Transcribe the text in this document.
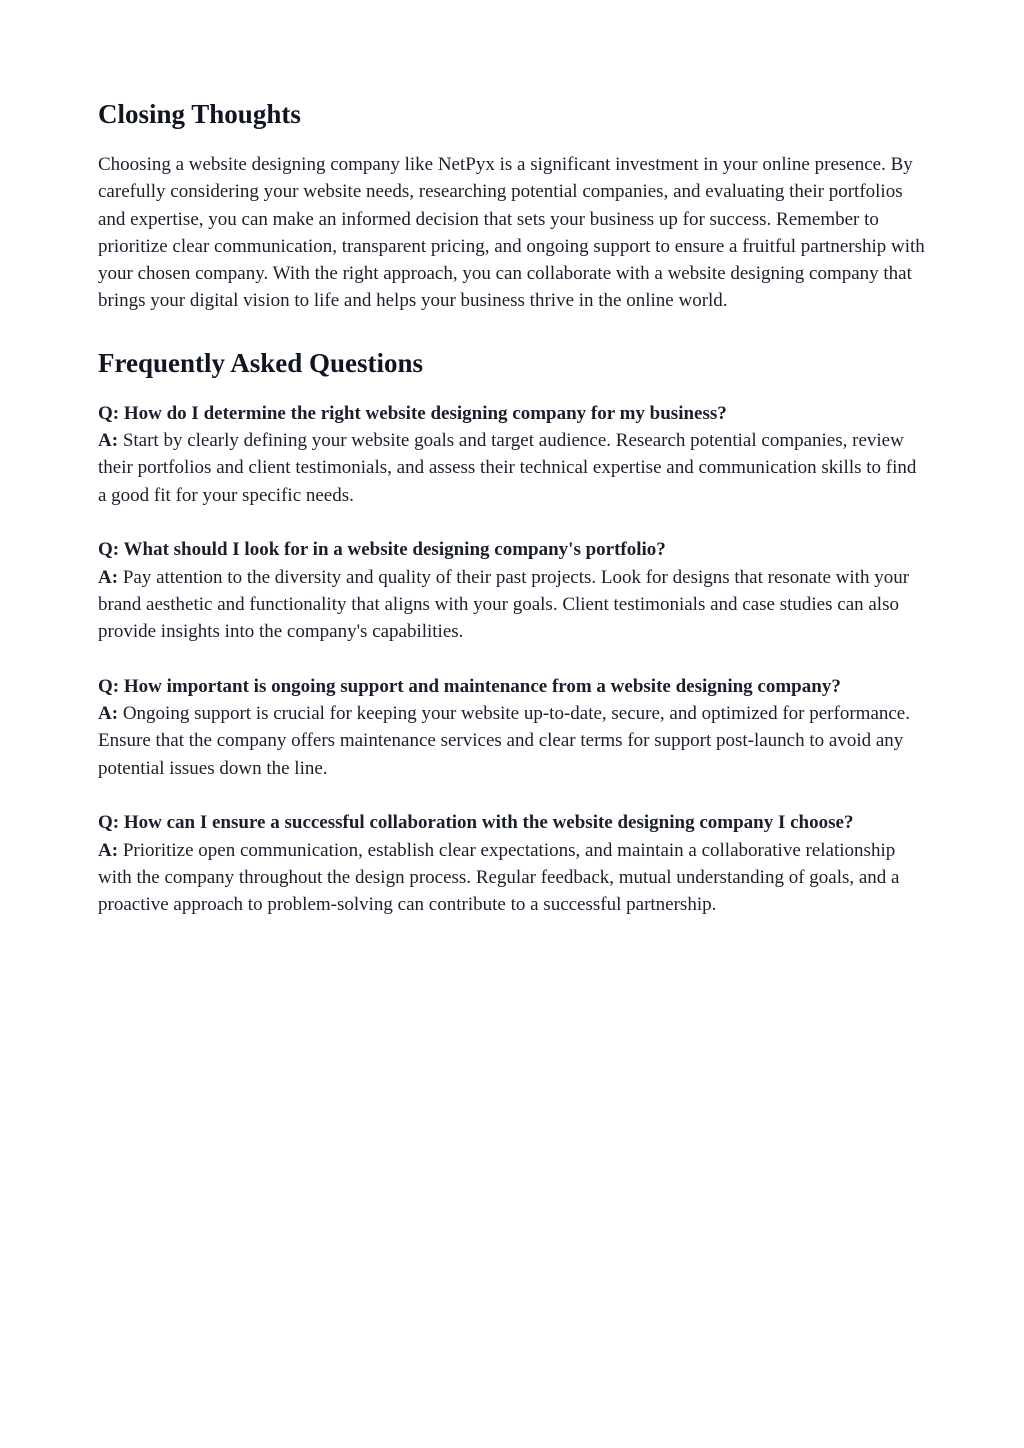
Closing Thoughts

Choosing a website designing company like NetPyx is a significant investment in your online presence. By carefully considering your website needs, researching potential companies, and evaluating their portfolios and expertise, you can make an informed decision that sets your business up for success. Remember to prioritize clear communication, transparent pricing, and ongoing support to ensure a fruitful partnership with your chosen company. With the right approach, you can collaborate with a website designing company that brings your digital vision to life and helps your business thrive in the online world.

Frequently Asked Questions

Q: How do I determine the right website designing company for my business?

A: Start by clearly defining your website goals and target audience. Research potential companies, review their portfolios and client testimonials, and assess their technical expertise and communication skills to find a good fit for your specific needs.

Q: What should I look for in a website designing company's portfolio?

A: Pay attention to the diversity and quality of their past projects. Look for designs that resonate with your brand aesthetic and functionality that aligns with your goals. Client testimonials and case studies can also provide insights into the company's capabilities.

Q: How important is ongoing support and maintenance from a website designing company?

A: Ongoing support is crucial for keeping your website up-to-date, secure, and optimized for performance. Ensure that the company offers maintenance services and clear terms for support post-launch to avoid any potential issues down the line.

Q: How can I ensure a successful collaboration with the website designing company I choose?

A: Prioritize open communication, establish clear expectations, and maintain a collaborative relationship with the company throughout the design process. Regular feedback, mutual understanding of goals, and a proactive approach to problem-solving can contribute to a successful partnership.
